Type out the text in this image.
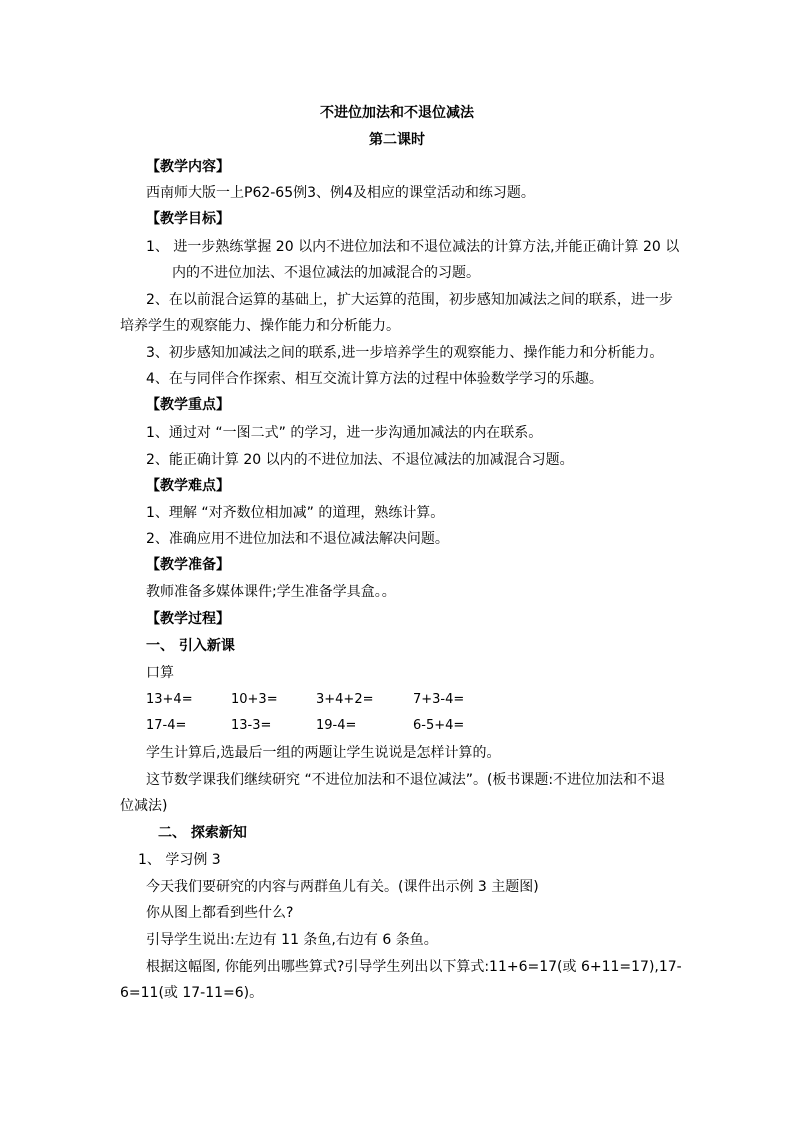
不进位加法和不退位减法
第二课时
【教学内容】
西南师大版一上P62-65例3、例4及相应的课堂活动和练习题。
【教学目标】
1、 进一步熟练掌握 20 以内不进位加法和不退位减法的计算方法,并能正确计算 20 以
内的不进位加法、不退位减法的加减混合的习题。
2、在以前混合运算的基础上，扩大运算的范围，初步感知加减法之间的联系，进一步
培养学生的观察能力、操作能力和分析能力。
3、初步感知加减法之间的联系,进一步培养学生的观察能力、操作能力和分析能力。
4、在与同伴合作探索、相互交流计算方法的过程中体验数学学习的乐趣。
【教学重点】
1、通过对 “一图二式” 的学习，进一步沟通加减法的内在联系。
2、能正确计算 20 以内的不进位加法、不退位减法的加减混合习题。
【教学难点】
1、理解 “对齐数位相加减” 的道理，熟练计算。
2、准确应用不进位加法和不退位减法解决问题。
【教学准备】
教师准备多媒体课件;学生准备学具盒。。
【教学过程】
一、 引入新课
口算
13+4=	10+3=	3+4+2=	7+3-4=
17-4=	13-3=	19-4=	6-5+4=
学生计算后,选最后一组的两题让学生说说是怎样计算的。
这节数学课我们继续研究 “不进位加法和不退位减法”。(板书课题:不进位加法和不退
位减法)
二、 探索新知
1、 学习例 3
今天我们要研究的内容与两群鱼儿有关。(课件出示例 3 主题图)
你从图上都看到些什么?
引导学生说出:左边有 11 条鱼,右边有 6 条鱼。
根据这幅图, 你能列出哪些算式?引导学生列出以下算式:11+6=17(或 6+11=17),17-
6=11(或 17-11=6)。
